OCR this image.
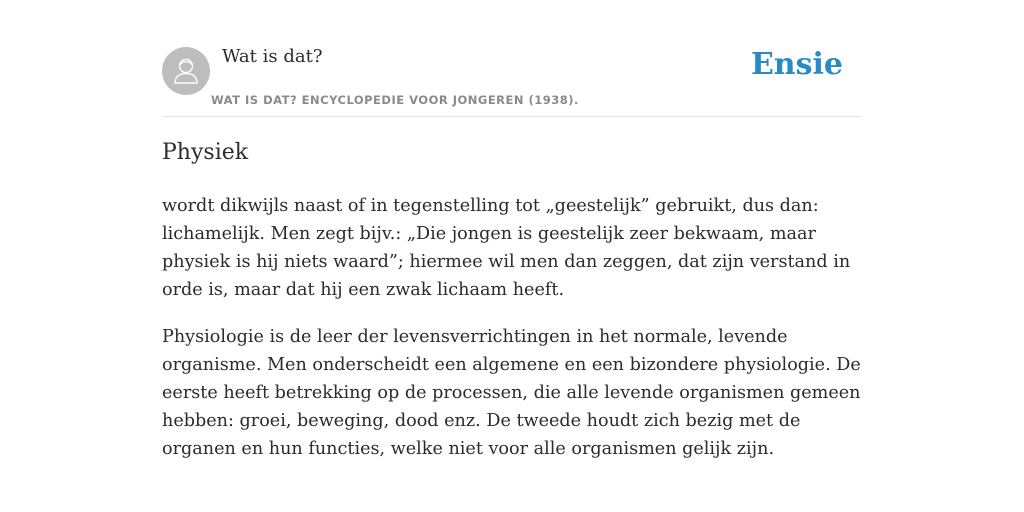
Wat is dat?
WAT IS DAT? ENCYCLOPEDIE VOOR JONGEREN (1938).
Ensie
Physiek

wordt dikwijls naast of in tegenstelling tot „geestelijk” gebruikt, dus dan: lichamelijk. Men zegt bijv.: „Die jongen is geestelijk zeer bekwaam, maar physiek is hij niets waard”; hiermee wil men dan zeggen, dat zijn verstand in orde is, maar dat hij een zwak lichaam heeft.

Physiologie is de leer der levensverrichtingen in het normale, levende organisme. Men onderscheidt een algemene en een bizondere physiologie. De eerste heeft betrekking op de processen, die alle levende organismen gemeen hebben: groei, beweging, dood enz. De tweede houdt zich bezig met de organen en hun functies, welke niet voor alle organismen gelijk zijn.
